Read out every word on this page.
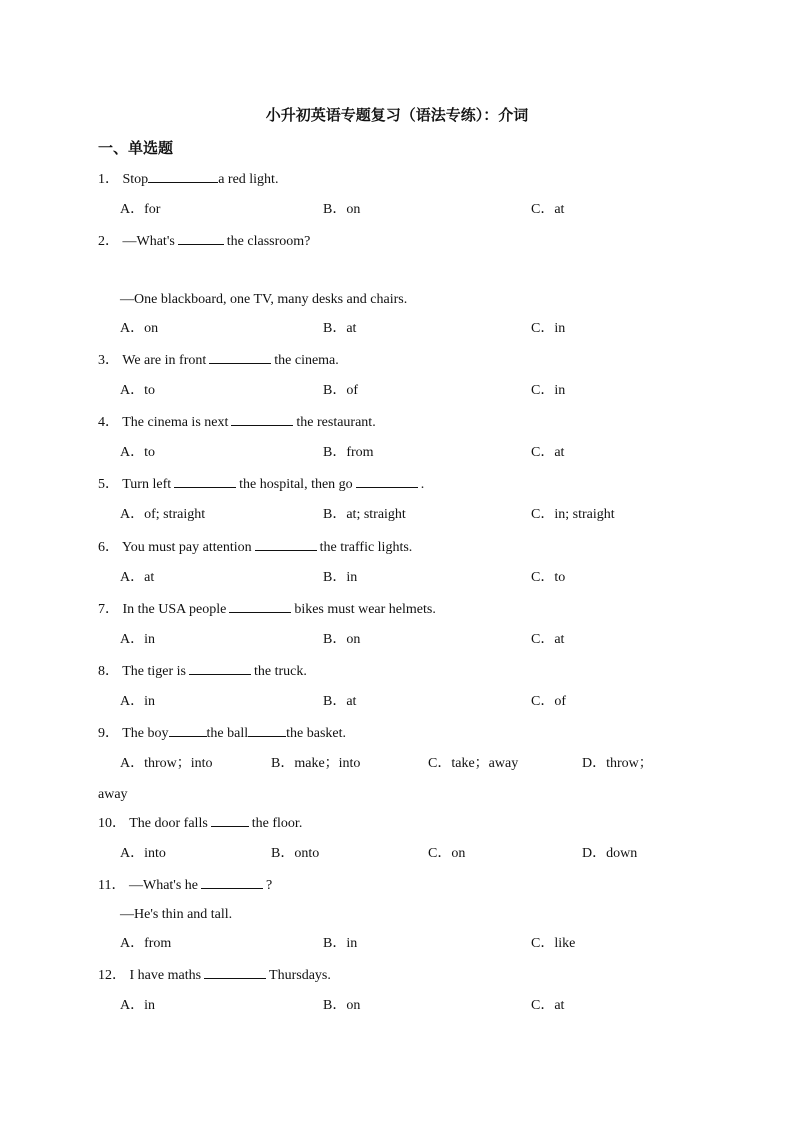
小升初英语专题复习（语法专练）：介词
一、单选题
1． Stop	a red light.
A．for	B．on	C．at
2． —What's	the classroom?
—One blackboard, one TV, many desks and chairs.
A．on	B．at	C．in
3． We are in front	the cinema.
A．to	B．of	C．in
4． The cinema is next	the restaurant.
A．to	B．from	C．at
5． Turn left	the hospital, then go	.
A．of; straight	B．at; straight	C．in; straight
6． You must pay attention	the traffic lights.
A．at	B．in	C．to
7． In the USA people	bikes must wear helmets.
A．in	B．on	C．at
8． The tiger is	the truck.
A．in	B．at	C．of
9． The boy	the ball	the basket.
A．throw；into	B．make；into	C．take；away	D．throw；
away
10． The door falls	the floor.
A．into	B．onto	C．on	D．down
11． —What's he	?
—He's thin and tall.
A．from	B．in	C．like
12． I have maths	Thursdays.
A．in	B．on	C．at
